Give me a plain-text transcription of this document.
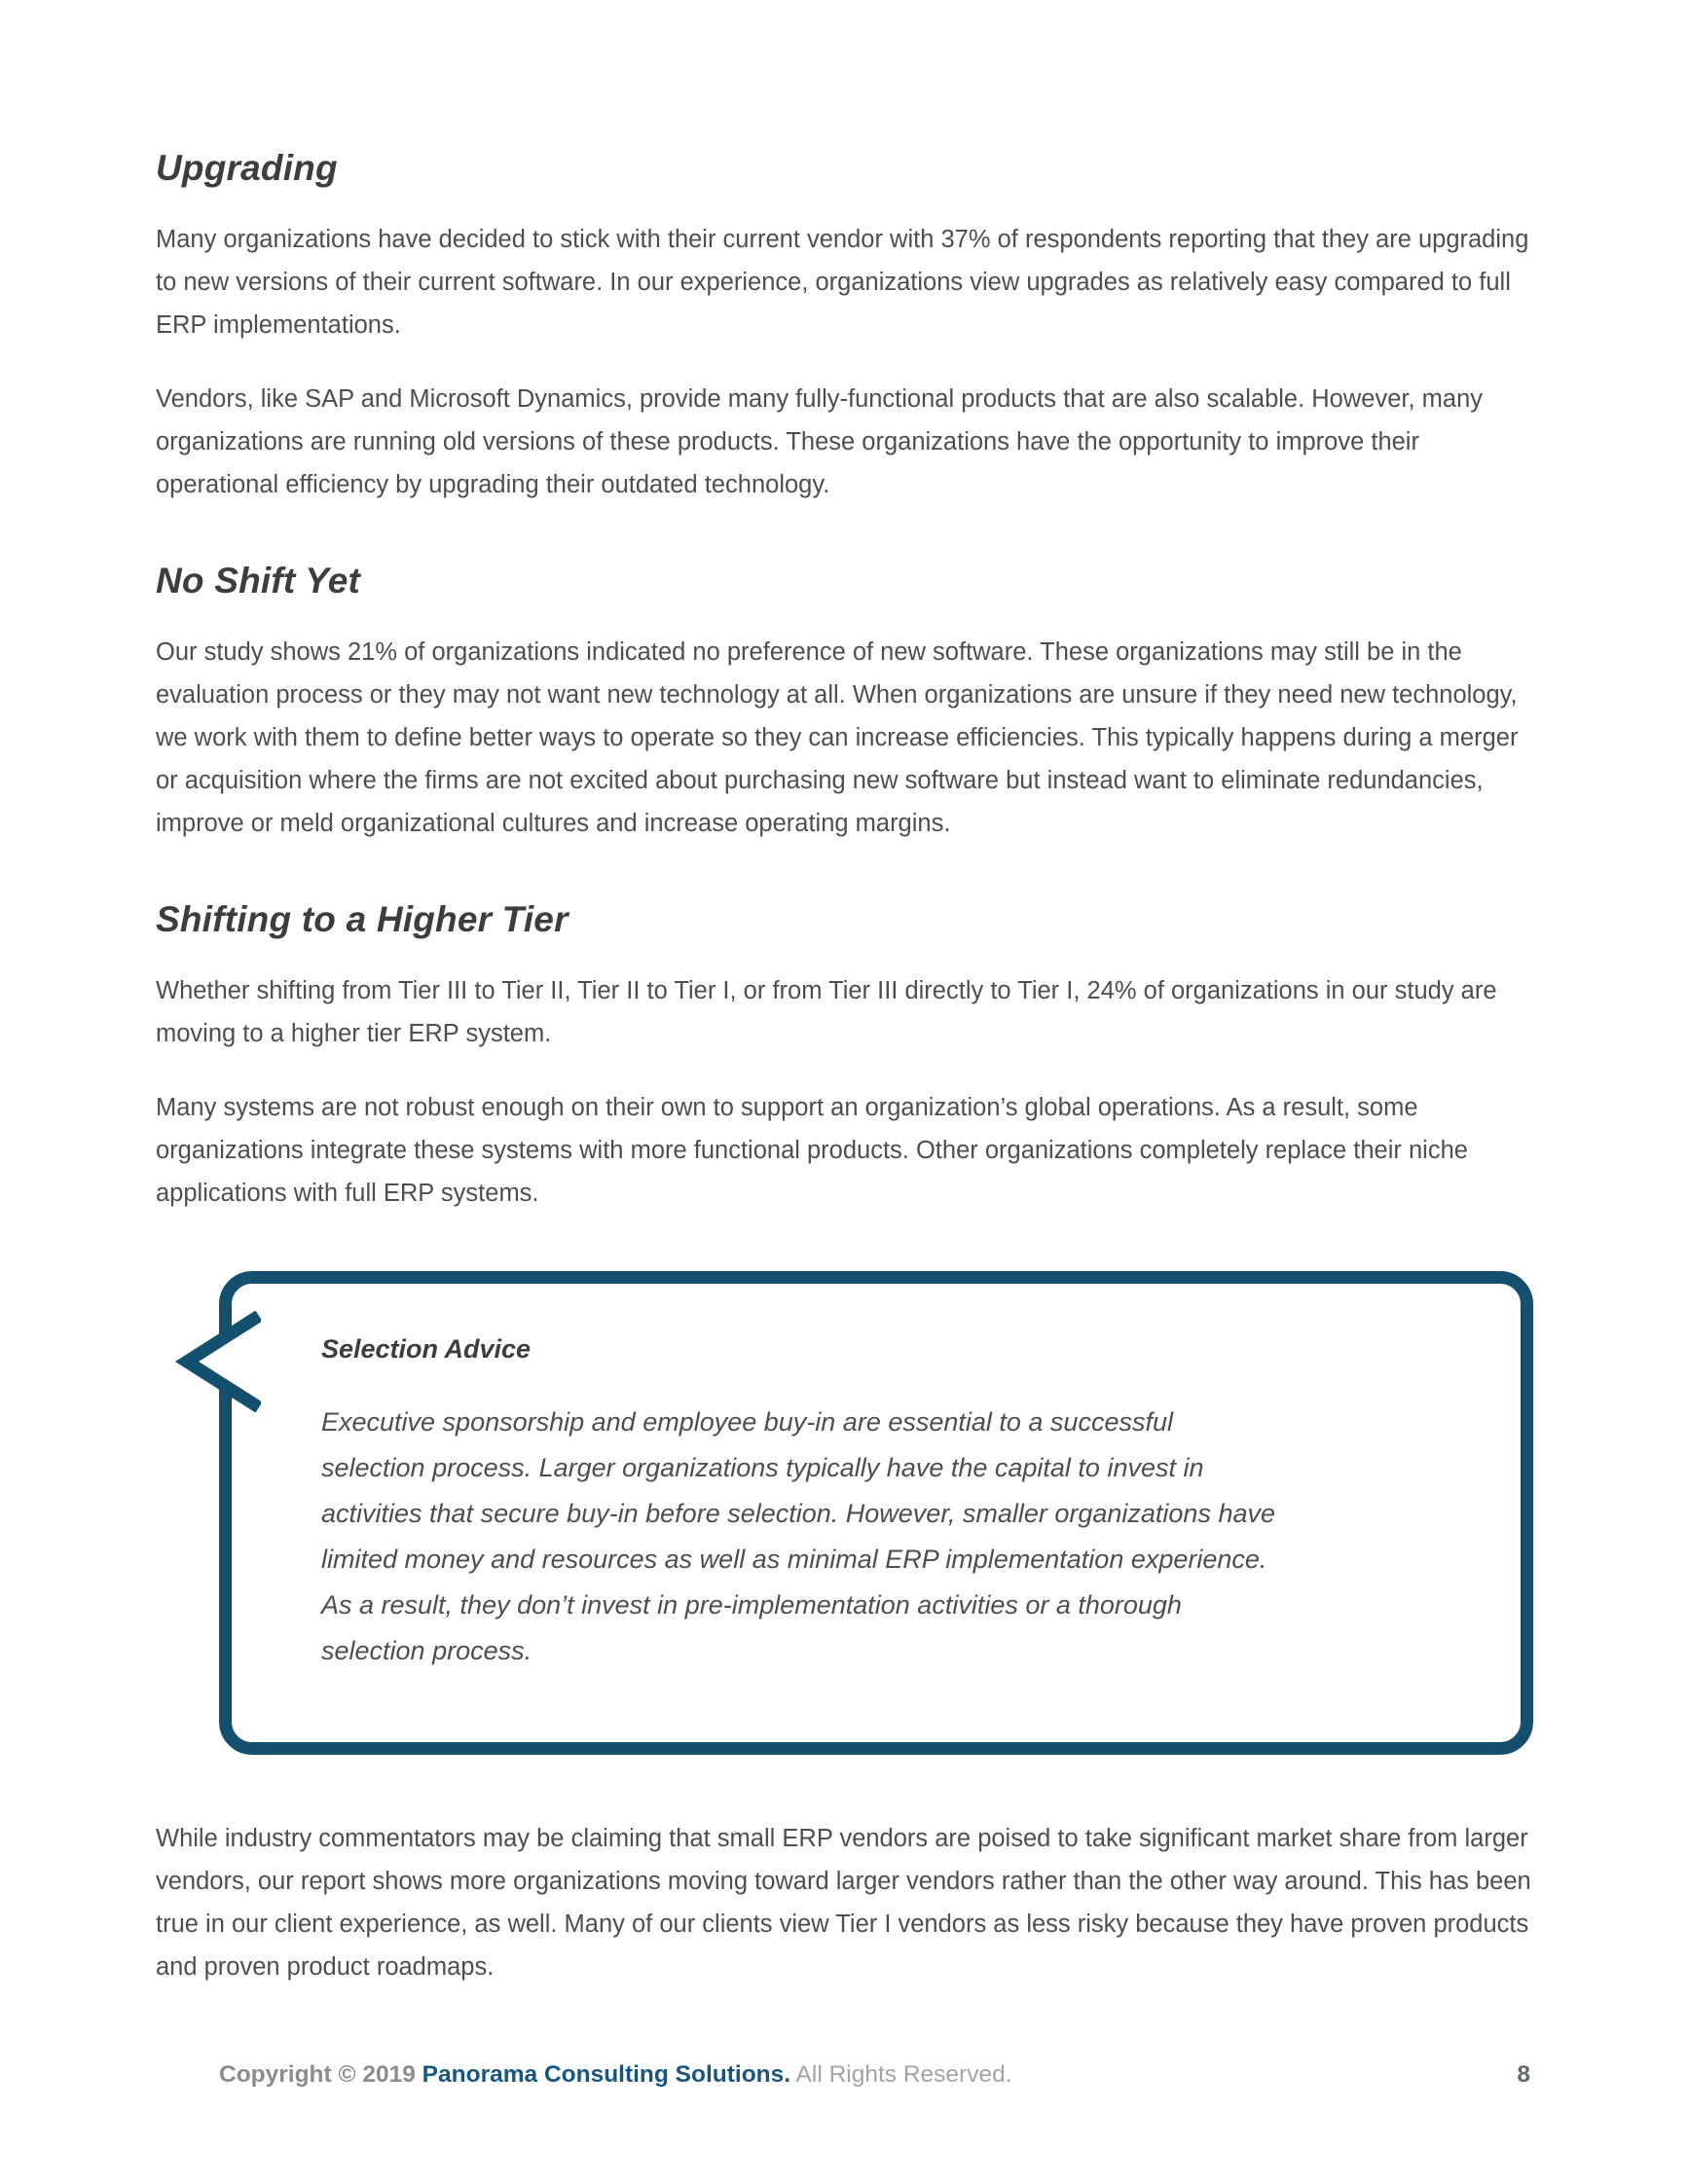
Upgrading

Many organizations have decided to stick with their current vendor with 37% of respondents reporting that they are upgrading to new versions of their current software. In our experience, organizations view upgrades as relatively easy compared to full ERP implementations.

Vendors, like SAP and Microsoft Dynamics, provide many fully-functional products that are also scalable. However, many organizations are running old versions of these products. These organizations have the opportunity to improve their operational efficiency by upgrading their outdated technology.

No Shift Yet

Our study shows 21% of organizations indicated no preference of new software. These organizations may still be in the evaluation process or they may not want new technology at all. When organizations are unsure if they need new technology, we work with them to define better ways to operate so they can increase efficiencies. This typically happens during a merger or acquisition where the firms are not excited about purchasing new software but instead want to eliminate redundancies, improve or meld organizational cultures and increase operating margins.

Shifting to a Higher Tier

Whether shifting from Tier III to Tier II, Tier II to Tier I, or from Tier III directly to Tier I, 24% of organizations in our study are moving to a higher tier ERP system.

Many systems are not robust enough on their own to support an organization’s global operations. As a result, some organizations integrate these systems with more functional products. Other organizations completely replace their niche applications with full ERP systems.

Selection Advice

Executive sponsorship and employee buy-in are essential to a successful selection process. Larger organizations typically have the capital to invest in activities that secure buy-in before selection. However, smaller organizations have limited money and resources as well as minimal ERP implementation experience. As a result, they don’t invest in pre-implementation activities or a thorough selection process.

While industry commentators may be claiming that small ERP vendors are poised to take significant market share from larger vendors, our report shows more organizations moving toward larger vendors rather than the other way around. This has been true in our client experience, as well. Many of our clients view Tier I vendors as less risky because they have proven products and proven product roadmaps.

Copyright © 2019 Panorama Consulting Solutions. All Rights Reserved.	8
